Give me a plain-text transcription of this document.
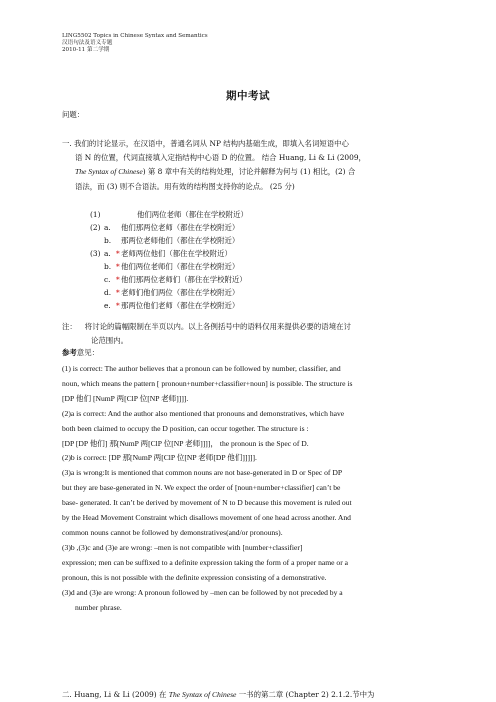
LING5502 Topics in Chinese Syntax and Semantics
汉语句法及语义专题
2010-11 第二学期
期中考试
问题：
一. 我们的讨论显示，在汉语中，普通名词从 NP 结构内基础生成，即填入名词短语中心
语 N 的位置，代词直接填入定指结构中心语 D 的位置。 结合 Huang, Li & Li (2009，
The Syntax of Chinese) 第 8 章中有关的结构处理，讨论并解释为何与 (1) 相比，(2) 合
语法，而 (3) 则不合语法。用有效的结构图支持你的论点。 (25 分)
(1)	他们两位老师（都住在学校附近）
(2) a. 他们那两位老师（都住在学校附近）
b. 那两位老师他们（都住在学校附近）
(3) a. *老师两位他们（都住在学校附近）
b. *他们两位老师们（都住在学校附近）
c. *他们那两位老师们（都住在学校附近）
d. *老师们他们两位（都住在学校附近）
e. *那两位他们老师（都住在学校附近）
注： 将讨论的篇幅限制在半页以内。以上各例括号中的语料仅用来提供必要的语境在讨
论范围内。
参考意见：
(1) is correct: The author believes that a pronoun can be followed by number, classifier, and
noun, which means the pattern [ pronoun+number+classifier+noun] is possible. The structure is
[DP 他们 [NumP 两[ClP 位[NP 老师]]]].
(2)a is correct: And the author also mentioned that pronouns and demonstratives, which have
both been claimed to occupy the D position, can occur together. The structure is :
[DP [DP 他们] 那[NumP 两[ClP 位[NP 老师]]]]， the pronoun is the Spec of D.
(2)b is correct: [DP 那[NumP 两[ClP 位[NP 老师[DP 他们]]]]].
(3)a is wrong:It is mentioned that common nouns are not base-generated in D or Spec of DP
but they are base-generated in N. We expect the order of [noun+number+classifier] can’t be
base- generated. It can’t be derived by movement of N to D because this movement is ruled out
by the Head Movement Constraint which disallows movement of one head across another. And
common nouns cannot be followed by demonstratives(and/or pronouns).
(3)b ,(3)c and (3)e are wrong: –men is not compatible with [number+classifier]
expression; men can be suffixed to a definite expression taking the form of a proper name or a
pronoun, this is not possible with the definite expression consisting of a demonstrative.
(3)d and (3)e are wrong: A pronoun followed by –men can be followed by not preceded by a
number phrase.
二. Huang, Li & Li (2009) 在 The Syntax of Chinese 一书的第二章 (Chapter 2) 2.1.2.节中为
